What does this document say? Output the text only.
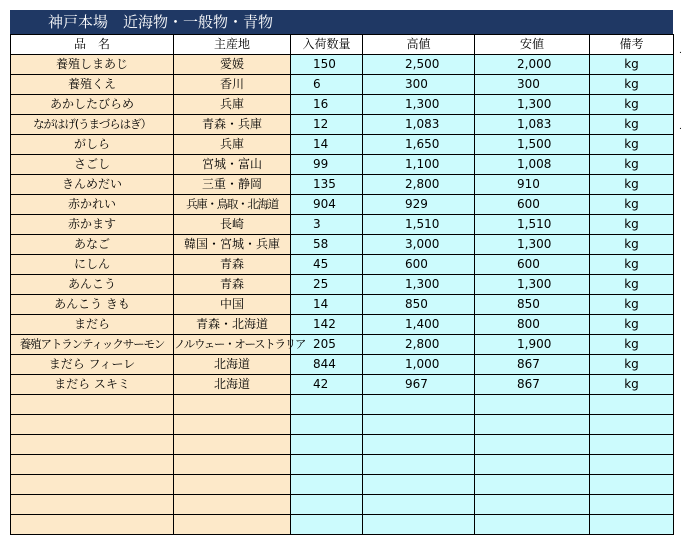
神戸本場　近海物・一般物・青物
品　名	主産地	入荷数量	高値	安値	備考
養殖しまあじ	愛媛	150	2,500	2,000	kg
養殖くえ	香川	6	300	300	kg
あかしたびらめ	兵庫	16	1,300	1,300	kg
ながはげ(うまづらはぎ）	青森・兵庫	12	1,083	1,083	kg
がしら	兵庫	14	1,650	1,500	kg
さごし	宮城・富山	99	1,100	1,008	kg
きんめだい	三重・静岡	135	2,800	910	kg
赤かれい	兵庫・鳥取・北海道	904	929	600	kg
赤かます	長崎	3	1,510	1,510	kg
あなご	韓国・宮城・兵庫	58	3,000	1,300	kg
にしん	青森	45	600	600	kg
あんこう	青森	25	1,300	1,300	kg
あんこう きも	中国	14	850	850	kg
まだら	青森・北海道	142	1,400	800	kg
養殖アトランティックサーモン	ノルウェー・オーストラリア	205	2,800	1,900	kg
まだら フィーレ	北海道	844	1,000	867	kg
まだら スキミ	北海道	42	967	867	kg

.
.
